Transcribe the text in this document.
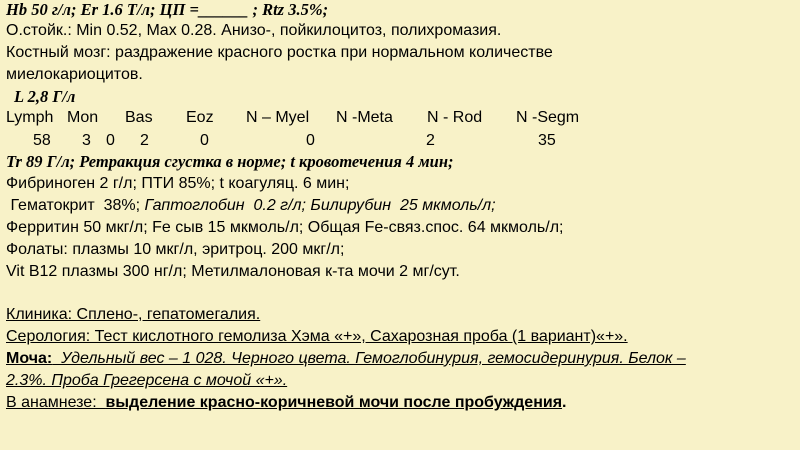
Hb 50 г/л; Er 1.6 Т/л; ЦП =______ ; Rtz 3.5%;
О.стойк.: Min 0.52, Max 0.28. Анизо-, пойкилоцитоз, полихромазия.
Костный мозг: раздражение красного ростка при нормальном количестве
миелокариоцитов.
L 2,8 Г/л
Lymph Mon Bas Eoz N – Myel N -Meta N - Rod N -Segm
58 3 0 2	0	0	2	35
Tr 89 Г/л; Ретракция сгустка в норме; t кровотечения 4 мин;
Фибриноген 2 г/л; ПТИ 85%; t коагуляц. 6 мин;
Гематокрит  38%; Гаптоглобин  0.2 г/л; Билирубин  25 мкмоль/л;
Ферритин 50 мкг/л; Fe сыв 15 мкмоль/л; Общая Fe-связ.спос. 64 мкмоль/л;
Фолаты: плазмы 10 мкг/л, эритроц. 200 мкг/л;
Vit B12 плазмы 300 нг/л; Метилмалоновая к-та мочи 2 мг/сут.
Клиника: Сплено-, гепатомегалия.
Серология: Тест кислотного гемолиза Хэма «+», Сахарозная проба (1 вариант)«+».
Моча:  Удельный вес – 1 028. Черного цвета. Гемоглобинурия, гемосидеринурия. Белок –
2.3%. Проба Грегерсена с мочой «+».
В анамнезе:  выделение красно-коричневой мочи после пробуждения.
